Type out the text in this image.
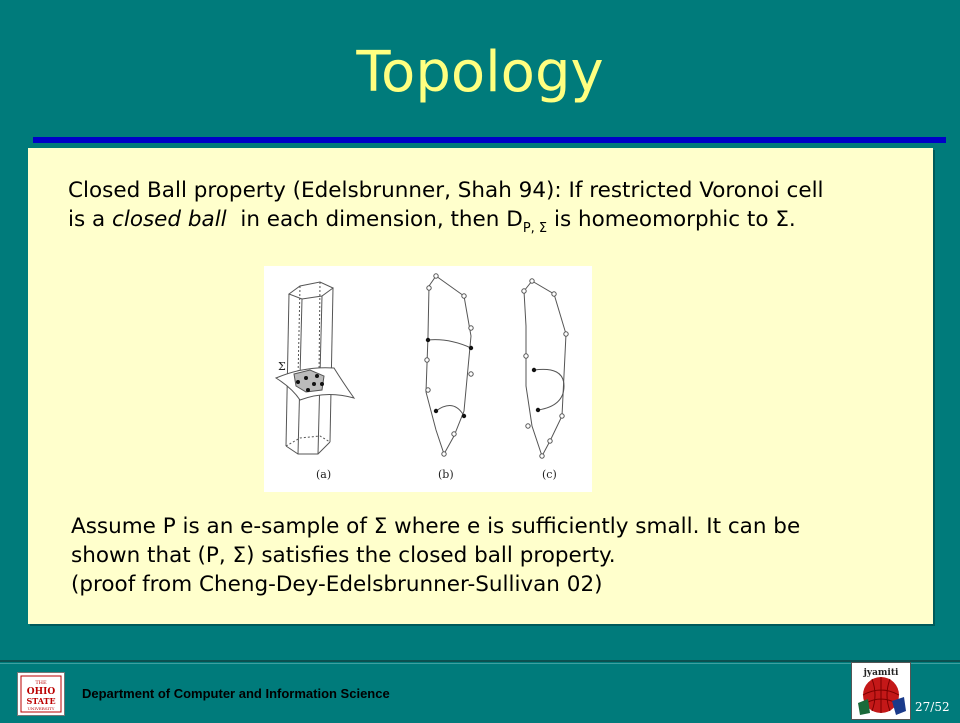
Topology
Closed Ball property (Edelsbrunner, Shah 94): If restricted Voronoi cell
is a closed ball  in each dimension, then $D_{P, \Sigma}$ is homeomorphic to Σ.
Σ
(a)	(b)	(c)
Assume P is an e-sample of Σ where e is sufficiently small. It can be
shown that (P, Σ) satisfies the closed ball property.
(proof from Cheng-Dey-Edelsbrunner-Sullivan 02)
THE
OHIO
STATE
UNIVERSITY
Department of Computer and Information Science
jyamiti
27/52
